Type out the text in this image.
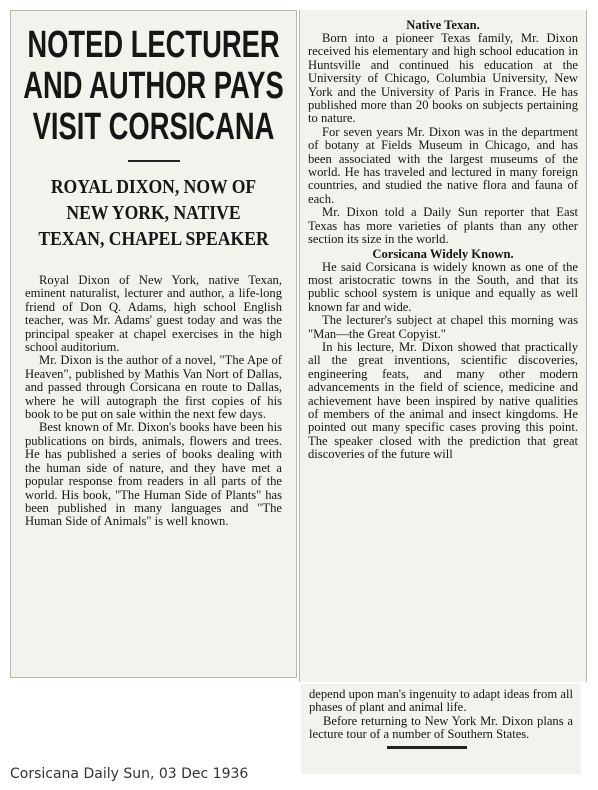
NOTED LECTURER AND AUTHOR PAYS VISIT CORSICANA
ROYAL DIXON, NOW OF NEW YORK, NATIVE TEXAN, CHAPEL SPEAKER

Royal Dixon of New York, native Texan, eminent naturalist, lecturer and author, a life-long friend of Don Q. Adams, high school English teacher, was Mr. Adams' guest today and was the principal speaker at chapel exercises in the high school auditorium.

Mr. Dixon is the author of a novel, "The Ape of Heaven", published by Mathis Van Nort of Dallas, and passed through Corsicana en route to Dallas, where he will autograph the first copies of his book to be put on sale within the next few days.

Best known of Mr. Dixon's books have been his publications on birds, animals, flowers and trees. He has published a series of books dealing with the human side of nature, and they have met a popular response from readers in all parts of the world. His book, "The Human Side of Plants" has been published in many languages and "The Human Side of Animals" is well known.

Native Texan.

Born into a pioneer Texas family, Mr. Dixon received his elementary and high school education in Huntsville and continued his education at the University of Chicago, Columbia University, New York and the University of Paris in France. He has published more than 20 books on subjects pertaining to nature.

For seven years Mr. Dixon was in the department of botany at Fields Museum in Chicago, and has been associated with the largest museums of the world. He has traveled and lectured in many foreign countries, and studied the native flora and fauna of each.

Mr. Dixon told a Daily Sun reporter that East Texas has more varieties of plants than any other section its size in the world.

Corsicana Widely Known.

He said Corsicana is widely known as one of the most aristocratic towns in the South, and that its public school system is unique and equally as well known far and wide.

The lecturer's subject at chapel this morning was "Man—the Great Copyist."

In his lecture, Mr. Dixon showed that practically all the great inventions, scientific discoveries, engineering feats, and many other modern advancements in the field of science, medicine and achievement have been inspired by native qualities of members of the animal and insect kingdoms. He pointed out many specific cases proving this point. The speaker closed with the prediction that great discoveries of the future will

depend upon man's ingenuity to adapt ideas from all phases of plant and animal life.

Before returning to New York Mr. Dixon plans a lecture tour of a number of Southern States.

Corsicana Daily Sun, 03 Dec 1936
